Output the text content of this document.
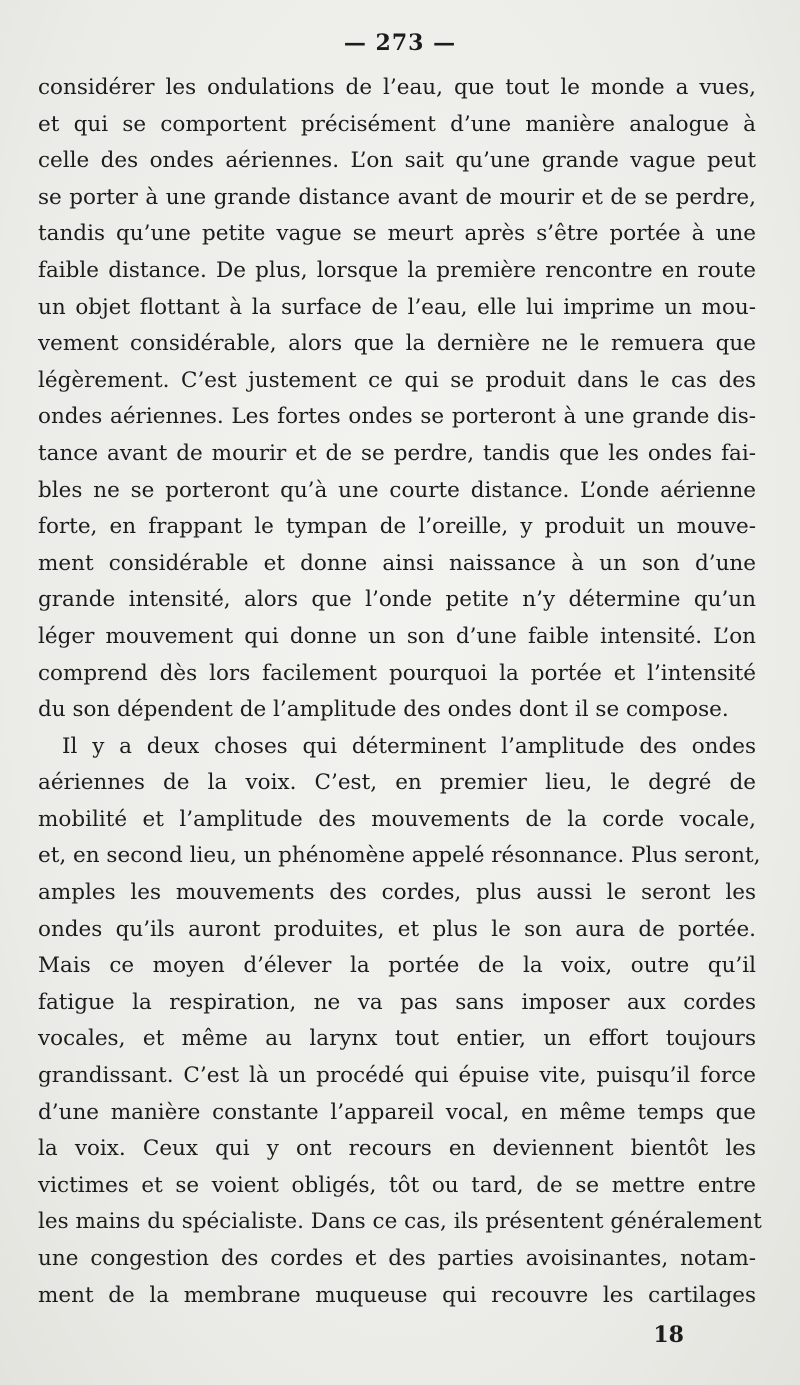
— 273 —
considérer les ondulations de l’eau, que tout le monde a vues,
et qui se comportent précisément d’une manière analogue à
celle des ondes aériennes. L’on sait qu’une grande vague peut
se porter à une grande distance avant de mourir et de se perdre,
tandis qu’une petite vague se meurt après s’être portée à une
faible distance. De plus, lorsque la première rencontre en route
un objet flottant à la surface de l’eau, elle lui imprime un mou-
vement considérable, alors que la dernière ne le remuera que
légèrement. C’est justement ce qui se produit dans le cas des
ondes aériennes. Les fortes ondes se porteront à une grande dis-
tance avant de mourir et de se perdre, tandis que les ondes fai-
bles ne se porteront qu’à une courte distance. L’onde aérienne
forte, en frappant le tympan de l’oreille, y produit un mouve-
ment considérable et donne ainsi naissance à un son d’une
grande intensité, alors que l’onde petite n’y détermine qu’un
léger mouvement qui donne un son d’une faible intensité. L’on
comprend dès lors facilement pourquoi la portée et l’intensité
du son dépendent de l’amplitude des ondes dont il se compose.
Il y a deux choses qui déterminent l’amplitude des ondes
aériennes de la voix. C’est, en premier lieu, le degré de
mobilité et l’amplitude des mouvements de la corde vocale,
et, en second lieu, un phénomène appelé résonnance. Plus seront,
amples les mouvements des cordes, plus aussi le seront les
ondes qu’ils auront produites, et plus le son aura de portée.
Mais ce moyen d’élever la portée de la voix, outre qu’il
fatigue la respiration, ne va pas sans imposer aux cordes
vocales, et même au larynx tout entier, un effort toujours
grandissant. C’est là un procédé qui épuise vite, puisqu’il force
d’une manière constante l’appareil vocal, en même temps que
la voix. Ceux qui y ont recours en deviennent bientôt les
victimes et se voient obligés, tôt ou tard, de se mettre entre
les mains du spécialiste. Dans ce cas, ils présentent généralement
une congestion des cordes et des parties avoisinantes, notam-
ment de la membrane muqueuse qui recouvre les cartilages
18
